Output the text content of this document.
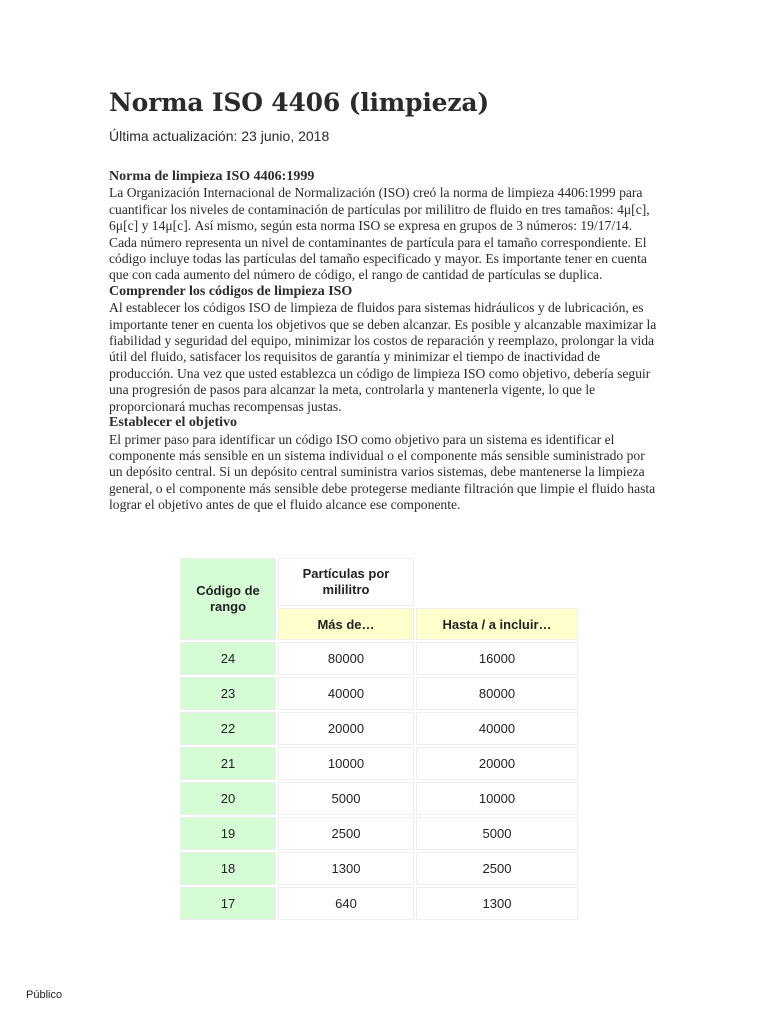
Norma ISO 4406 (limpieza)

Última actualización: 23 junio, 2018

Norma de limpieza ISO 4406:1999

La Organización Internacional de Normalización (ISO) creó la norma de limpieza 4406:1999 para cuantificar los niveles de contaminación de partículas por mililitro de fluido en tres tamaños: 4μ[c], 6μ[c] y 14μ[c]. Así mismo, según esta norma ISO se expresa en grupos de 3 números: 19/17/14. Cada número representa un nivel de contaminantes de partícula para el tamaño correspondiente. El código incluye todas las partículas del tamaño especificado y mayor. Es importante tener en cuenta que con cada aumento del número de código, el rango de cantidad de partículas se duplica.

Comprender los códigos de limpieza ISO

Al establecer los códigos ISO de limpieza de fluidos para sistemas hidráulicos y de lubricación, es importante tener en cuenta los objetivos que se deben alcanzar. Es posible y alcanzable maximizar la fiabilidad y seguridad del equipo, minimizar los costos de reparación y reemplazo, prolongar la vida útil del fluido, satisfacer los requisitos de garantía y minimizar el tiempo de inactividad de producción. Una vez que usted establezca un código de limpieza ISO como objetivo, debería seguir una progresión de pasos para alcanzar la meta, controlarla y mantenerla vigente, lo que le proporcionará muchas recompensas justas.

Establecer el objetivo

El primer paso para identificar un código ISO como objetivo para un sistema es identificar el componente más sensible en un sistema individual o el componente más sensible suministrado por un depósito central. Si un depósito central suministra varios sistemas, debe mantenerse la limpieza general, o el componente más sensible debe protegerse mediante filtración que limpie el fluido hasta lograr el objetivo antes de que el fluido alcance ese componente.

Código de rango	Partículas por mililitro	
	Más de…	Hasta / a incluir…
24	80000	16000
23	40000	80000
22	20000	40000
21	10000	20000
20	5000	10000
19	2500	5000
18	1300	2500
17	640	1300
Público
